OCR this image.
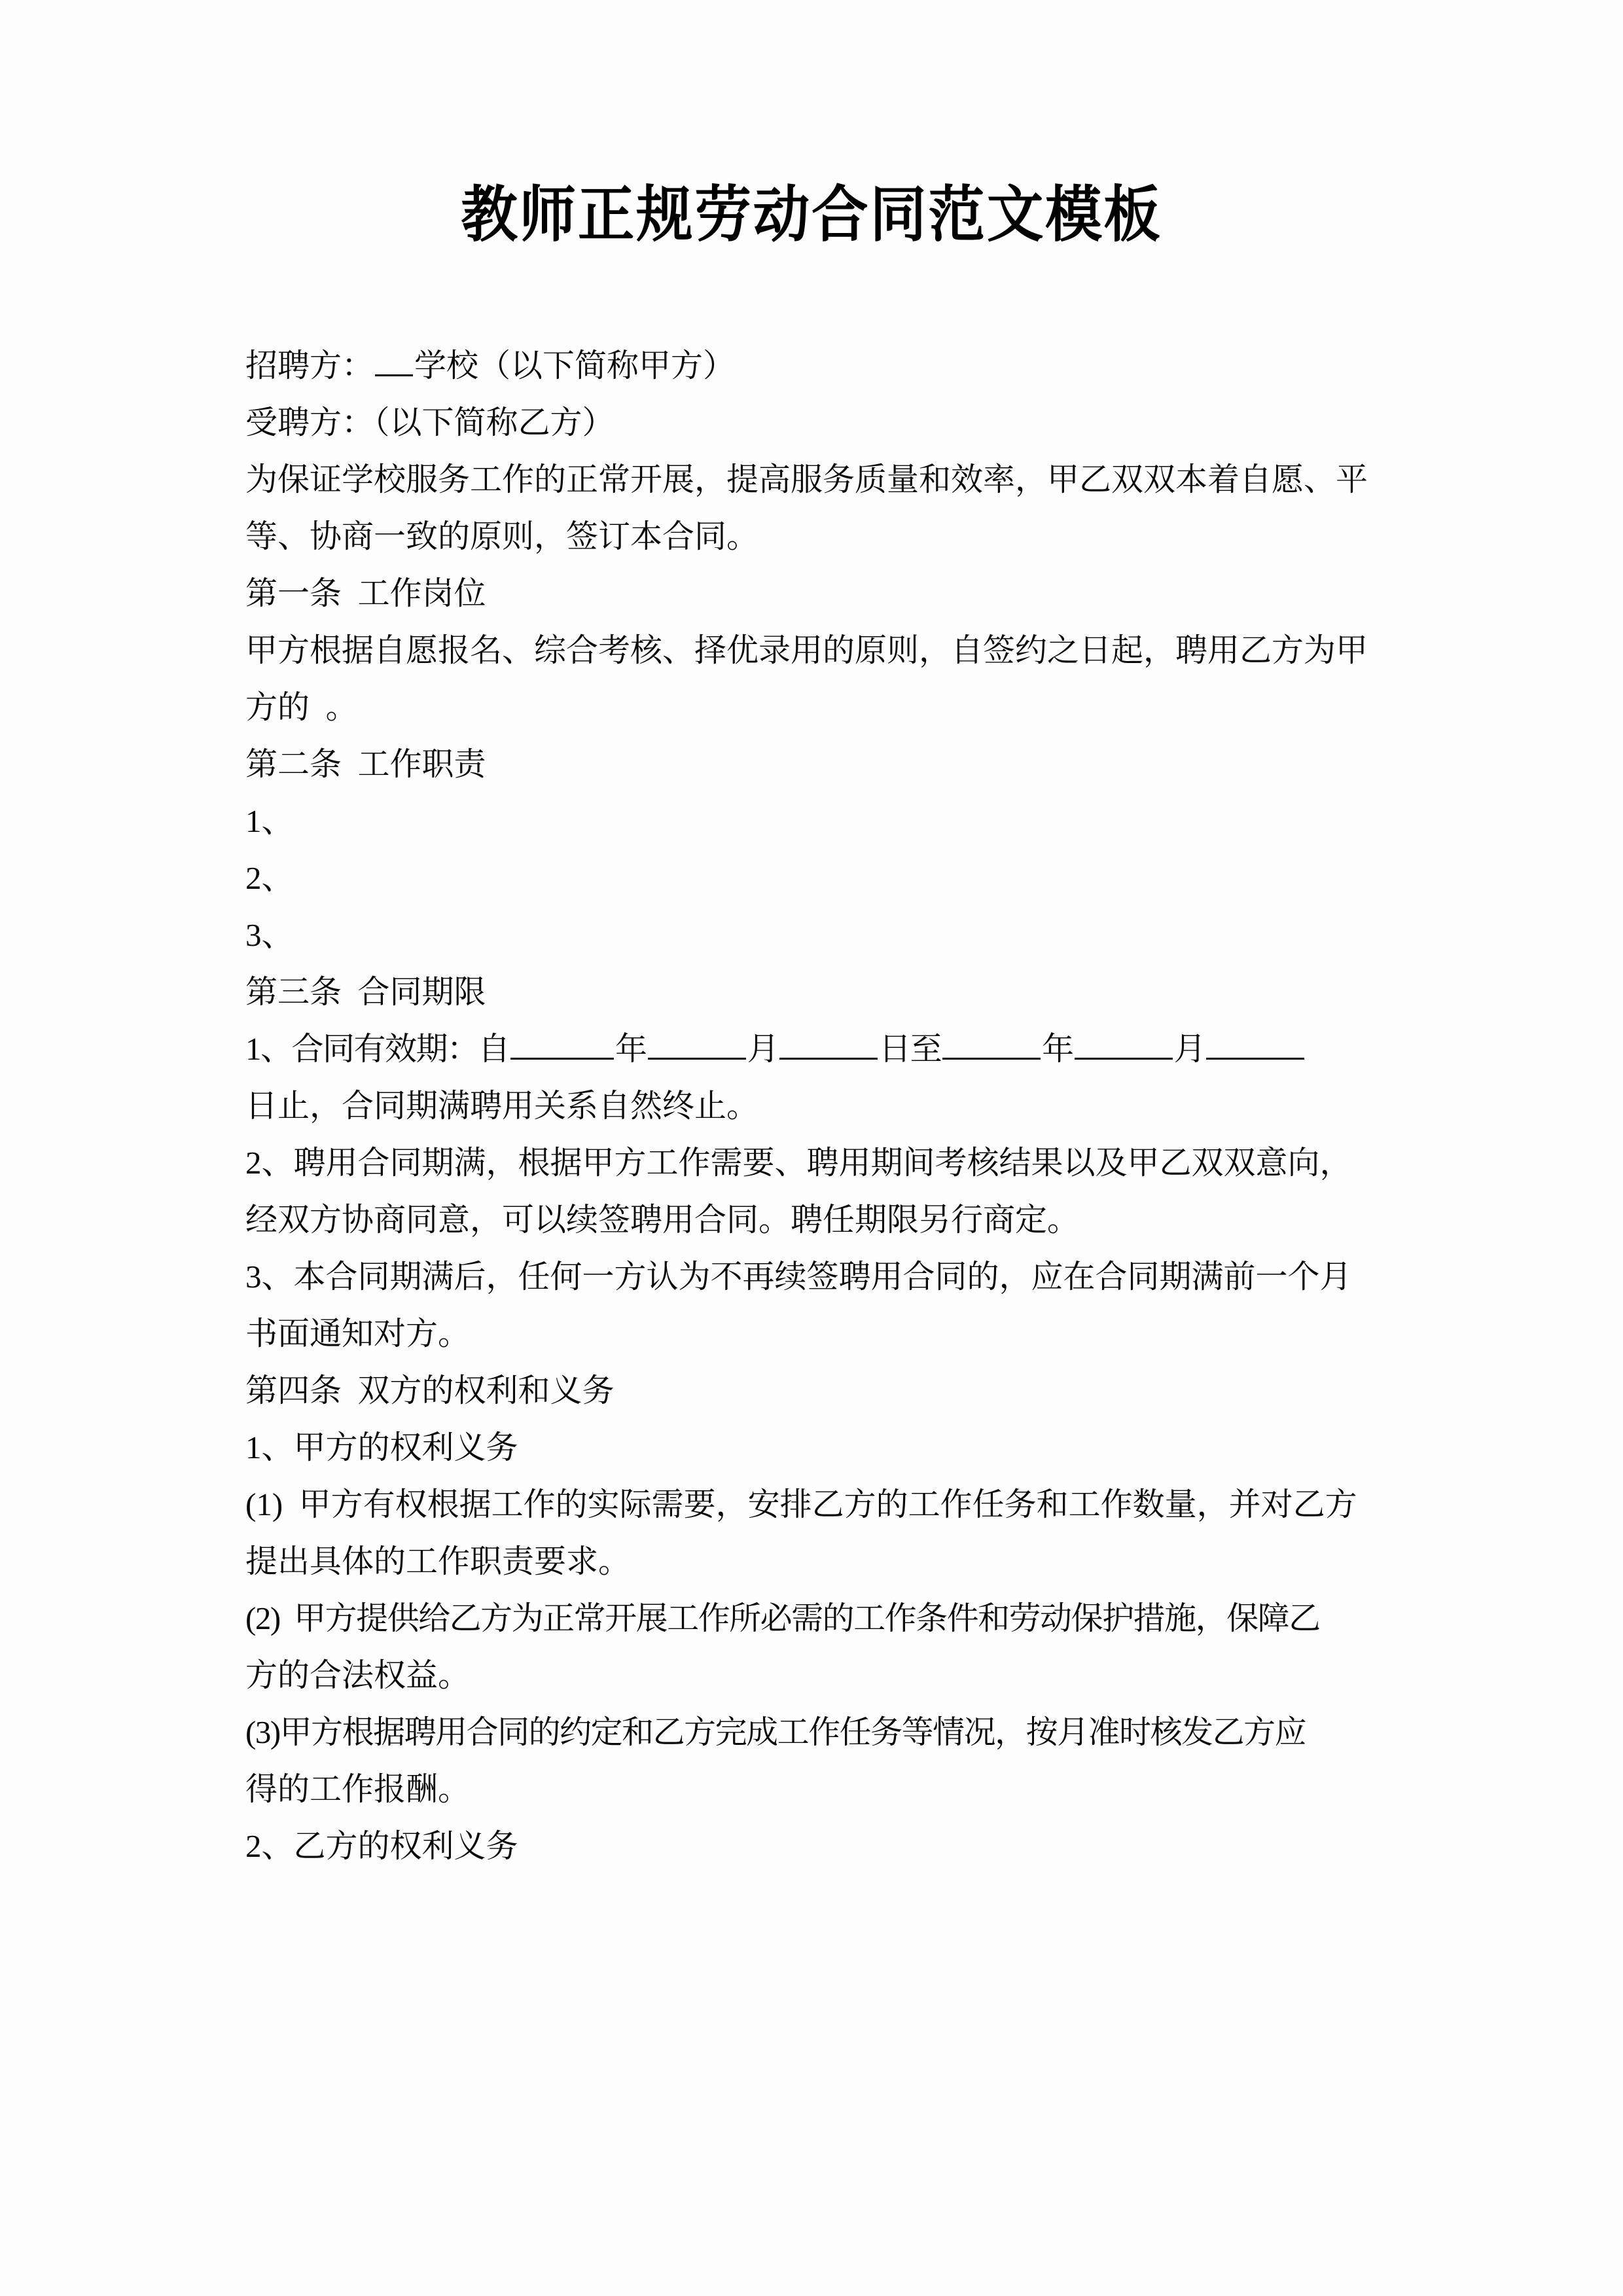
教师正规劳动合同范文模板

招聘方： 学校（以下简称甲方）

受聘方：（以下简称乙方）

为保证学校服务工作的正常开展，提高服务质量和效率，甲乙双双本着自愿、平

等、协商一致的原则，签订本合同。

第一条  工作岗位

甲方根据自愿报名、综合考核、择优录用的原则，自签约之日起，聘用乙方为甲

方的  。

第二条  工作职责

1、

2、

3、

第三条  合同期限

1、合同有效期：自	年	月	日至	年	月

日止，合同期满聘用关系自然终止。

2、聘用合同期满，根据甲方工作需要、聘用期间考核结果以及甲乙双双意向，

经双方协商同意，可以续签聘用合同。聘任期限另行商定。

3、本合同期满后，任何一方认为不再续签聘用合同的，应在合同期满前一个月

书面通知对方。

第四条  双方的权利和义务

1、甲方的权利义务

(1)  甲方有权根据工作的实际需要，安排乙方的工作任务和工作数量，并对乙方

提出具体的工作职责要求。

(2)  甲方提供给乙方为正常开展工作所必需的工作条件和劳动保护措施，保障乙

方的合法权益。

(3)甲方根据聘用合同的约定和乙方完成工作任务等情况，按月准时核发乙方应

得的工作报酬。

2、乙方的权利义务
